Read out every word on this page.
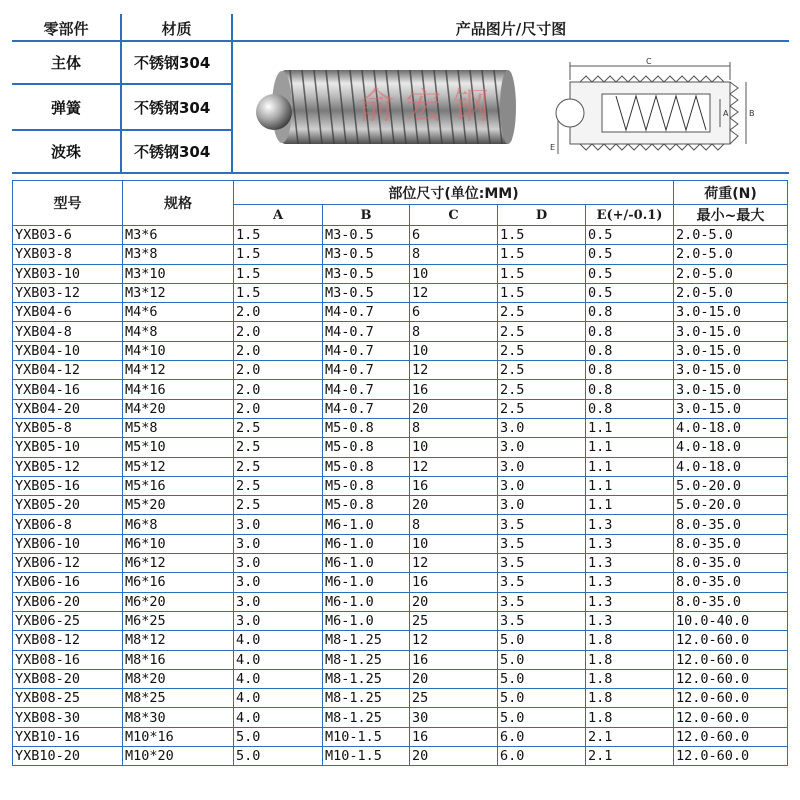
零部件	材质	产品图片/尺寸图
主体	不锈钢304
弹簧	不锈钢304
波珠	不锈钢304
俞 宏 钢
C
A	B
E
型号	规格	部位尺寸(单位:MM)					荷重(N)
		A	B	C	D	E(+/-0.1)	最小~最大
YXB03-6	M3*6	1.5	M3-0.5	6	1.5	0.5	2.0-5.0
YXB03-8	M3*8	1.5	M3-0.5	8	1.5	0.5	2.0-5.0
YXB03-10	M3*10	1.5	M3-0.5	10	1.5	0.5	2.0-5.0
YXB03-12	M3*12	1.5	M3-0.5	12	1.5	0.5	2.0-5.0
YXB04-6	M4*6	2.0	M4-0.7	6	2.5	0.8	3.0-15.0
YXB04-8	M4*8	2.0	M4-0.7	8	2.5	0.8	3.0-15.0
YXB04-10	M4*10	2.0	M4-0.7	10	2.5	0.8	3.0-15.0
YXB04-12	M4*12	2.0	M4-0.7	12	2.5	0.8	3.0-15.0
YXB04-16	M4*16	2.0	M4-0.7	16	2.5	0.8	3.0-15.0
YXB04-20	M4*20	2.0	M4-0.7	20	2.5	0.8	3.0-15.0
YXB05-8	M5*8	2.5	M5-0.8	8	3.0	1.1	4.0-18.0
YXB05-10	M5*10	2.5	M5-0.8	10	3.0	1.1	4.0-18.0
YXB05-12	M5*12	2.5	M5-0.8	12	3.0	1.1	4.0-18.0
YXB05-16	M5*16	2.5	M5-0.8	16	3.0	1.1	5.0-20.0
YXB05-20	M5*20	2.5	M5-0.8	20	3.0	1.1	5.0-20.0
YXB06-8	M6*8	3.0	M6-1.0	8	3.5	1.3	8.0-35.0
YXB06-10	M6*10	3.0	M6-1.0	10	3.5	1.3	8.0-35.0
YXB06-12	M6*12	3.0	M6-1.0	12	3.5	1.3	8.0-35.0
YXB06-16	M6*16	3.0	M6-1.0	16	3.5	1.3	8.0-35.0
YXB06-20	M6*20	3.0	M6-1.0	20	3.5	1.3	8.0-35.0
YXB06-25	M6*25	3.0	M6-1.0	25	3.5	1.3	10.0-40.0
YXB08-12	M8*12	4.0	M8-1.25	12	5.0	1.8	12.0-60.0
YXB08-16	M8*16	4.0	M8-1.25	16	5.0	1.8	12.0-60.0
YXB08-20	M8*20	4.0	M8-1.25	20	5.0	1.8	12.0-60.0
YXB08-25	M8*25	4.0	M8-1.25	25	5.0	1.8	12.0-60.0
YXB08-30	M8*30	4.0	M8-1.25	30	5.0	1.8	12.0-60.0
YXB10-16	M10*16	5.0	M10-1.5	16	6.0	2.1	12.0-60.0
YXB10-20	M10*20	5.0	M10-1.5	20	6.0	2.1	12.0-60.0
